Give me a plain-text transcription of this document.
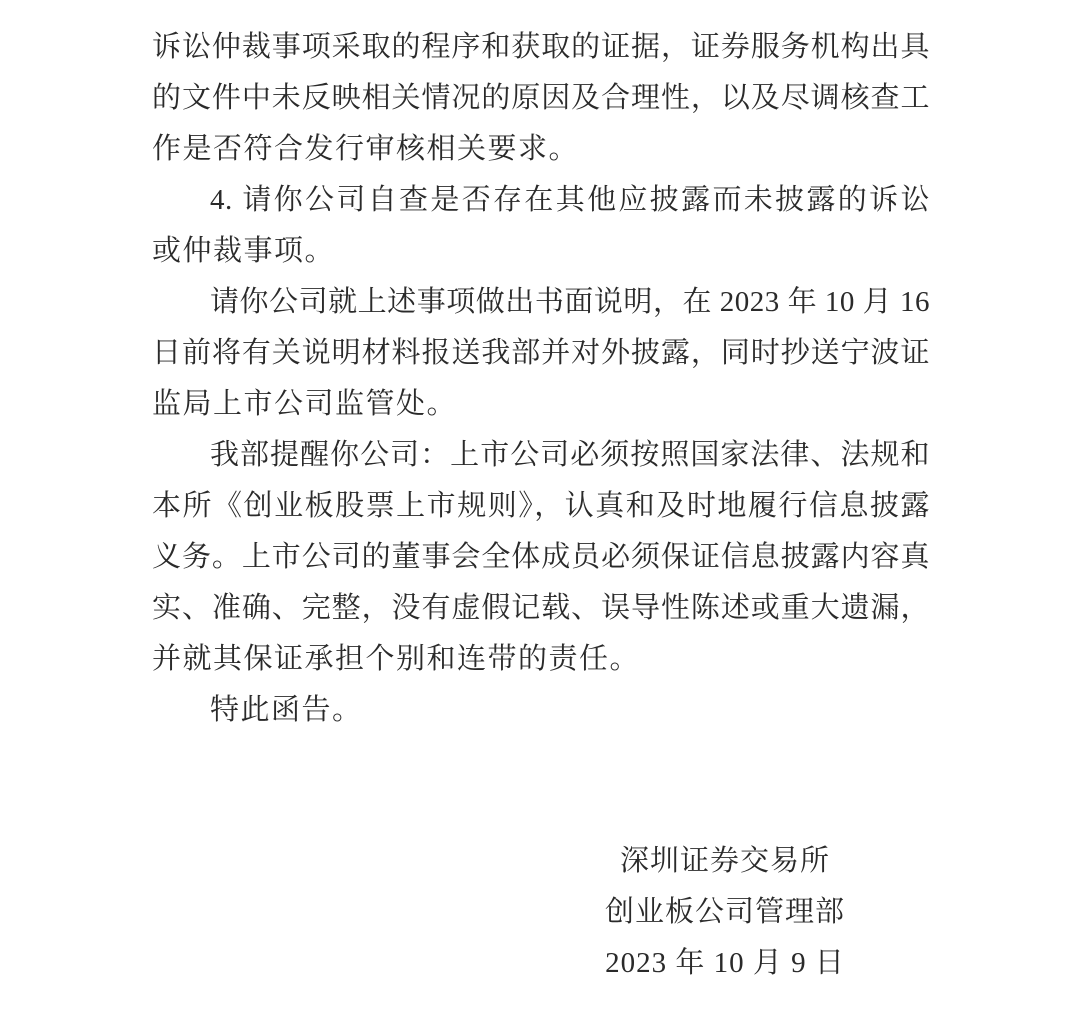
诉讼仲裁事项采取的程序和获取的证据，证券服务机构出具
的文件中未反映相关情况的原因及合理性，以及尽调核查工
作是否符合发行审核相关要求。
4. 请你公司自查是否存在其他应披露而未披露的诉讼
或仲裁事项。
请你公司就上述事项做出书面说明，在 2023 年 10 月 16
日前将有关说明材料报送我部并对外披露，同时抄送宁波证
监局上市公司监管处。
我部提醒你公司：上市公司必须按照国家法律、法规和
本所《创业板股票上市规则》，认真和及时地履行信息披露
义务。上市公司的董事会全体成员必须保证信息披露内容真
实、准确、完整，没有虚假记载、误导性陈述或重大遗漏，
并就其保证承担个别和连带的责任。
特此函告。
深圳证券交易所
创业板公司管理部
2023 年 10 月 9 日
